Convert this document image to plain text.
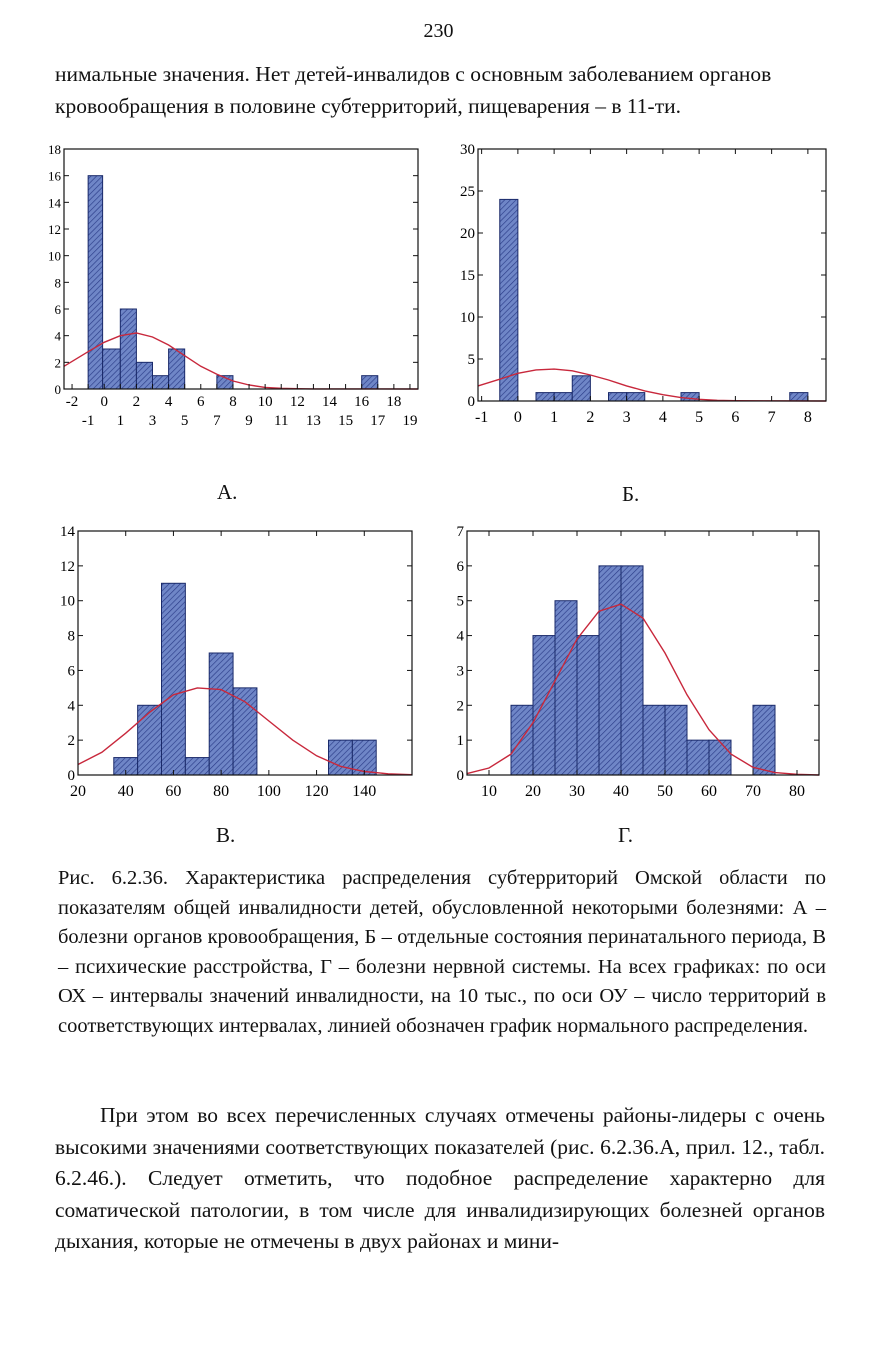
230
нимальные значения. Нет детей-инвалидов с основным заболеванием органов
кровообращения в половине субтерриторий, пищеварения – в 11-ти.
0
2
4
6
8
10
12
14
16
18
-2 0 2 4 6 8 10 12 14 16 18
-1 1 3 5 7 9 11 13 15 17 19
0
5
10
15
20
25
30
-1 0 1 2 3 4 5 6 7 8
0
2
4
6
8
10
12
14
20 40 60 80 100 120 140
0
1
2
3
4
5
6
7
10 20 30 40 50 60 70 80
А.	Б.
В.	Г.

Рис. 6.2.36. Характеристика распределения субтерриторий Омской области по показателям общей инвалидности детей, обусловленной некоторыми болезнями: А – болезни органов кровообращения, Б – отдельные состояния перинатального периода, В – психические расстройства, Г – болезни нервной системы. На всех графиках: по оси ОХ – интервалы значений инвалидности, на 10 тыс., по оси ОУ – число территорий в соответствующих интервалах, линией обозначен график нормального распределения.

При этом во всех перечисленных случаях отмечены районы-лидеры с очень высокими значениями соответствующих показателей (рис. 6.2.36.А, прил. 12., табл. 6.2.46.). Следует отметить, что подобное распределение характерно для соматической патологии, в том числе для инвалидизирующих болезней органов дыхания, которые не отмечены в двух районах и мини-
